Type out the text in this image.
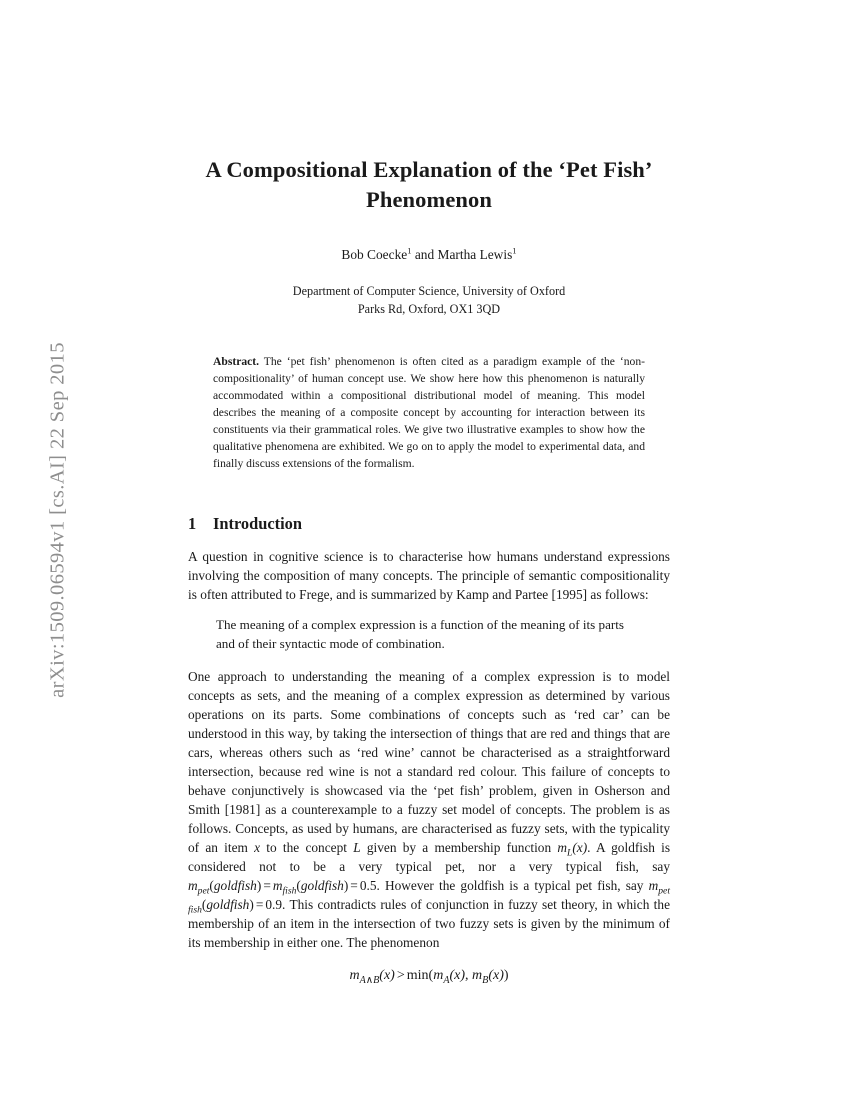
arXiv:1509.06594v1 [cs.AI] 22 Sep 2015
A Compositional Explanation of the ‘Pet Fish’ Phenomenon

Bob Coecke$^1$ and Martha Lewis$^1$

Department of Computer Science, University of Oxford
Parks Rd, Oxford, OX1 3QD

Abstract. The ‘pet fish’ phenomenon is often cited as a paradigm example of the ‘non-compositionality’ of human concept use. We show here how this phenomenon is naturally accommodated within a compositional distributional model of meaning. This model describes the meaning of a composite concept by accounting for interaction between its constituents via their grammatical roles. We give two illustrative examples to show how the qualitative phenomena are exhibited. We go on to apply the model to experimental data, and finally discuss extensions of the formalism.
1 Introduction

A question in cognitive science is to characterise how humans understand expressions involving the composition of many concepts. The principle of semantic compositionality is often attributed to Frege, and is summarized by Kamp and Partee [1995] as follows:

The meaning of a complex expression is a function of the meaning of its parts and of their syntactic mode of combination.

One approach to understanding the meaning of a complex expression is to model concepts as sets, and the meaning of a complex expression as determined by various operations on its parts. Some combinations of concepts such as ‘red car’ can be understood in this way, by taking the intersection of things that are red and things that are cars, whereas others such as ‘red wine’ cannot be characterised as a straightforward intersection, because red wine is not a standard red colour. This failure of concepts to behave conjunctively is showcased via the ‘pet fish’ problem, given in Osherson and Smith [1981] as a counterexample to a fuzzy set model of concepts. The problem is as follows. Concepts, as used by humans, are characterised as fuzzy sets, with the typicality of an item x to the concept L given by a membership function $m_L(x)$. A goldfish is considered not to be a very typical pet, nor a very typical fish, say $m_{pet}(goldfish)$ = $m_{fish}(goldfish) = 0.5$. However the goldfish is a typical pet fish, say $m_{pet fish}(goldfish) = 0.9$. This contradicts rules of conjunction in fuzzy set theory, in which the membership of an item in the intersection of two fuzzy sets is given by the minimum of its membership in either one. The phenomenon

$m_{A\wedge B}(x) > \min(m_A(x)$, $m_B(x)$)
